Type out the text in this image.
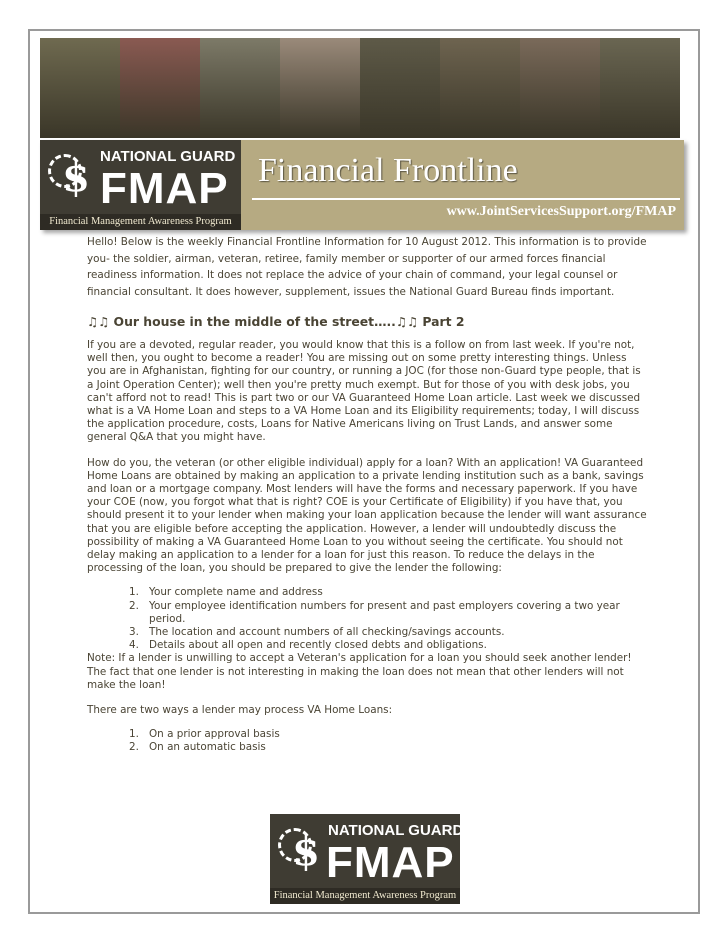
$ NATIONAL GUARD
FMAP
Financial Management Awareness Program
Financial Frontline
www.JointServicesSupport.org/FMAP

Hello! Below is the weekly Financial Frontline Information for 10 August 2012. This information is to provide you- the soldier, airman, veteran, retiree, family member or supporter of our armed forces financial readiness information. It does not replace the advice of your chain of command, your legal counsel or financial consultant. It does however, supplement, issues the National Guard Bureau finds important.

♫♫ Our house in the middle of the street…..♫♫ Part 2

If you are a devoted, regular reader, you would know that this is a follow on from last week. If you're not, well then, you ought to become a reader! You are missing out on some pretty interesting things. Unless you are in Afghanistan, fighting for our country, or running a JOC (for those non-Guard type people, that is a Joint Operation Center); well then you're pretty much exempt. But for those of you with desk jobs, you can't afford not to read! This is part two or our VA Guaranteed Home Loan article. Last week we discussed what is a VA Home Loan and steps to a VA Home Loan and its Eligibility requirements; today, I will discuss the application procedure, costs, Loans for Native Americans living on Trust Lands, and answer some general Q&A that you might have.

How do you, the veteran (or other eligible individual) apply for a loan? With an application! VA Guaranteed Home Loans are obtained by making an application to a private lending institution such as a bank, savings and loan or a mortgage company. Most lenders will have the forms and necessary paperwork. If you have your COE (now, you forgot what that is right? COE is your Certificate of Eligibility) if you have that, you should present it to your lender when making your loan application because the lender will want assurance that you are eligible before accepting the application. However, a lender will undoubtedly discuss the possibility of making a VA Guaranteed Home Loan to you without seeing the certificate. You should not delay making an application to a lender for a loan for just this reason. To reduce the delays in the processing of the loan, you should be prepared to give the lender the following:

1. Your complete name and address
2. Your employee identification numbers for present and past employers covering a two year period.
3. The location and account numbers of all checking/savings accounts.
4. Details about all open and recently closed debts and obligations.

Note: If a lender is unwilling to accept a Veteran's application for a loan you should seek another lender! The fact that one lender is not interesting in making the loan does not mean that other lenders will not make the loan!

There are two ways a lender may process VA Home Loans:

1. On a prior approval basis
2. On an automatic basis
$ NATIONAL GUARD
FMAP
Financial Management Awareness Program
